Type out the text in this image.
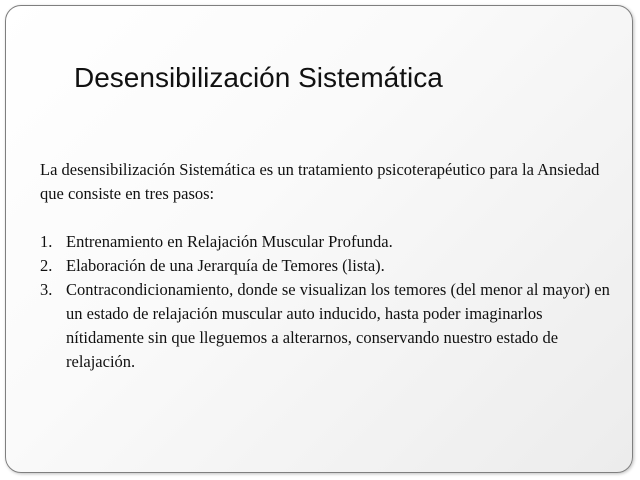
Desensibilización Sistemática

La desensibilización Sistemática es un tratamiento psicoterapéutico para la Ansiedad que consiste en tres pasos:

1. Entrenamiento en Relajación Muscular Profunda.
2. Elaboración de una Jerarquía de Temores (lista).
3. Contracondicionamiento, donde se visualizan los temores (del menor al mayor) en un estado de relajación muscular auto inducido, hasta poder imaginarlos nítidamente sin que lleguemos a alterarnos, conservando nuestro estado de relajación.
